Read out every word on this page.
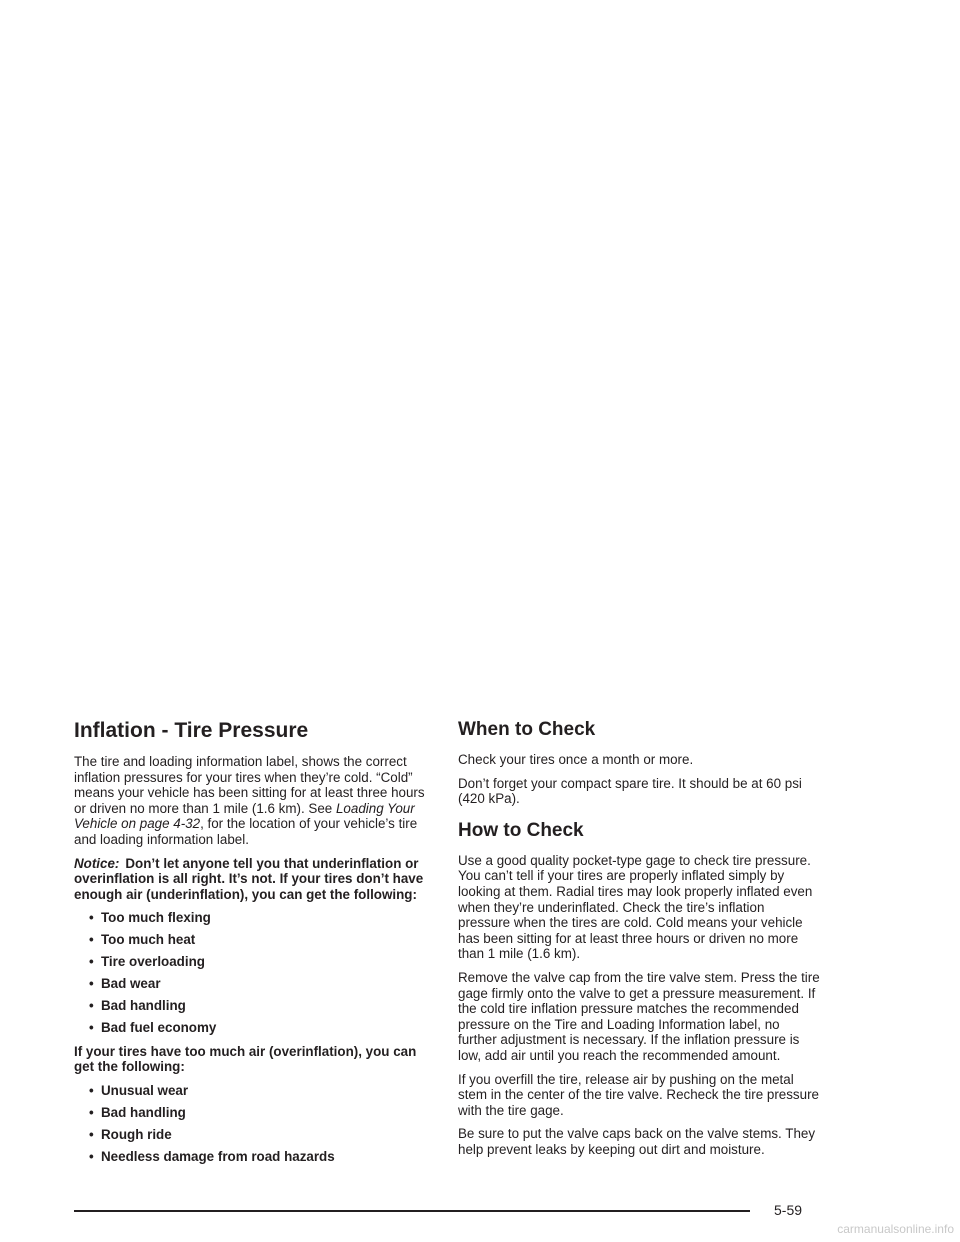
Inflation - Tire Pressure

The tire and loading information label, shows the correct inflation pressures for your tires when they’re cold. “Cold” means your vehicle has been sitting for at least three hours or driven no more than 1 mile (1.6 km). See Loading Your Vehicle on page 4-32, for the location of your vehicle’s tire and loading information label.

Notice: Don’t let anyone tell you that underinflation or overinflation is all right. It’s not. If your tires don’t have enough air (underinflation), you can get the following:

• Too much flexing
• Too much heat
• Tire overloading
• Bad wear
• Bad handling
• Bad fuel economy

If your tires have too much air (overinflation), you can get the following:

• Unusual wear
• Bad handling
• Rough ride
• Needless damage from road hazards
When to Check

Check your tires once a month or more.

Don’t forget your compact spare tire. It should be at 60 psi (420 kPa).

How to Check

Use a good quality pocket-type gage to check tire pressure. You can’t tell if your tires are properly inflated simply by looking at them. Radial tires may look properly inflated even when they’re underinflated. Check the tire’s inflation pressure when the tires are cold. Cold means your vehicle has been sitting for at least three hours or driven no more than 1 mile (1.6 km).

Remove the valve cap from the tire valve stem. Press the tire gage firmly onto the valve to get a pressure measurement. If the cold tire inflation pressure matches the recommended pressure on the Tire and Loading Information label, no further adjustment is necessary. If the inflation pressure is low, add air until you reach the recommended amount.

If you overfill the tire, release air by pushing on the metal stem in the center of the tire valve. Recheck the tire pressure with the tire gage.

Be sure to put the valve caps back on the valve stems. They help prevent leaks by keeping out dirt and moisture.

5-59
carmanualsonline.info
